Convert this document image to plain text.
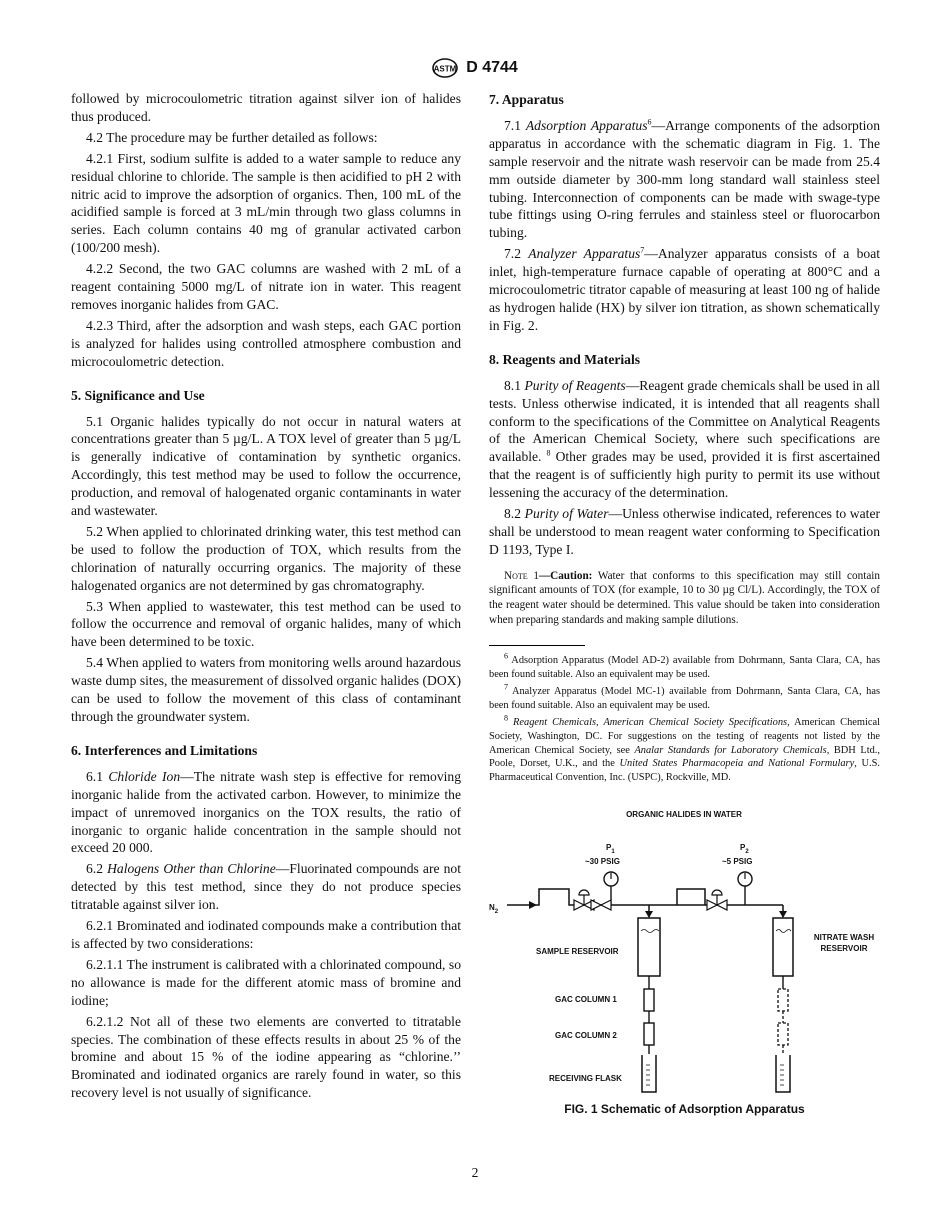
ASTM D 4744

followed by microcoulometric titration against silver ion of halides thus produced.

4.2 The procedure may be further detailed as follows:

4.2.1 First, sodium sulfite is added to a water sample to reduce any residual chlorine to chloride. The sample is then acidified to pH 2 with nitric acid to improve the adsorption of organics. Then, 100 mL of the acidified sample is forced at 3 mL/min through two glass columns in series. Each column contains 40 mg of granular activated carbon (100/200 mesh).

4.2.2 Second, the two GAC columns are washed with 2 mL of a reagent containing 5000 mg/L of nitrate ion in water. This reagent removes inorganic halides from GAC.

4.2.3 Third, after the adsorption and wash steps, each GAC portion is analyzed for halides using controlled atmosphere combustion and microcoulometric detection.

5. Significance and Use

5.1 Organic halides typically do not occur in natural waters at concentrations greater than 5 µg/L. A TOX level of greater than 5 µg/L is generally indicative of contamination by synthetic organics. Accordingly, this test method may be used to follow the occurrence, production, and removal of halogenated organic contaminants in water and wastewater.

5.2 When applied to chlorinated drinking water, this test method can be used to follow the production of TOX, which results from the chlorination of naturally occurring organics. The majority of these halogenated organics are not determined by gas chromatography.

5.3 When applied to wastewater, this test method can be used to follow the occurrence and removal of organic halides, many of which have been determined to be toxic.

5.4 When applied to waters from monitoring wells around hazardous waste dump sites, the measurement of dissolved organic halides (DOX) can be used to follow the movement of this class of contaminant through the groundwater system.

6. Interferences and Limitations

6.1 Chloride Ion—The nitrate wash step is effective for removing inorganic halide from the activated carbon. However, to minimize the impact of unremoved inorganics on the TOX results, the ratio of inorganic to organic halide concentration in the sample should not exceed 20 000.

6.2 Halogens Other than Chlorine—Fluorinated compounds are not detected by this test method, since they do not produce species titratable against silver ion.

6.2.1 Brominated and iodinated compounds make a contribution that is affected by two considerations:

6.2.1.1 The instrument is calibrated with a chlorinated compound, so no allowance is made for the different atomic mass of bromine and iodine;

6.2.1.2 Not all of these two elements are converted to titratable species. The combination of these effects results in about 25 % of the bromine and about 15 % of the iodine appearing as “chlorine.’’ Brominated and iodinated organics are rarely found in water, so this recovery level is not usually of significance.

7. Apparatus

7.1 Adsorption Apparatus$^6$—Arrange components of the adsorption apparatus in accordance with the schematic diagram in Fig. 1. The sample reservoir and the nitrate wash reservoir can be made from 25.4 mm outside diameter by 300-mm long standard wall stainless steel tubing. Interconnection of components can be made with swage-type tube fittings using O-ring ferrules and stainless steel or fluorocarbon tubing.

7.2 Analyzer Apparatus$^7$—Analyzer apparatus consists of a boat inlet, high-temperature furnace capable of operating at 800°C and a microcoulometric titrator capable of measuring at least 100 ng of halide as hydrogen halide (HX) by silver ion titration, as shown schematically in Fig. 2.

8. Reagents and Materials

8.1 Purity of Reagents—Reagent grade chemicals shall be used in all tests. Unless otherwise indicated, it is intended that all reagents shall conform to the specifications of the Committee on Analytical Reagents of the American Chemical Society, where such specifications are available. $^8$ Other grades may be used, provided it is first ascertained that the reagent is of sufficiently high purity to permit its use without lessening the accuracy of the determination.

8.2 Purity of Water—Unless otherwise indicated, references to water shall be understood to mean reagent water conforming to Specification D 1193, Type I.

Note 1—Caution: Water that conforms to this specification may still contain significant amounts of TOX (for example, 10 to 30 µg Cl/L). Accordingly, the TOX of the reagent water should be determined. This value should be taken into consideration when preparing standards and making sample dilutions.

$^6$ Adsorption Apparatus (Model AD-2) available from Dohrmann, Santa Clara, CA, has been found suitable. Also an equivalent may be used.

$^7$ Analyzer Apparatus (Model MC-1) available from Dohrmann, Santa Clara, CA, has been found suitable. Also an equivalent may be used.

$^8$ Reagent Chemicals, American Chemical Society Specifications, American Chemical Society, Washington, DC. For suggestions on the testing of reagents not listed by the American Chemical Society, see Analar Standards for Laboratory Chemicals, BDH Ltd., Poole, Dorset, U.K., and the United States Pharmacopeia and National Formulary, U.S. Pharmaceutical Convention, Inc. (USPC), Rockville, MD.

ORGANIC HALIDES IN WATER
$P_1$
~30 PSIG
$P_2$
~5 PSIG
$N_2$
SAMPLE RESERVOIR
GAC COLUMN 1
GAC COLUMN 2
RECEIVING FLASK
NITRATE WASH
RESERVOIR
FIG. 1 Schematic of Adsorption Apparatus
2
